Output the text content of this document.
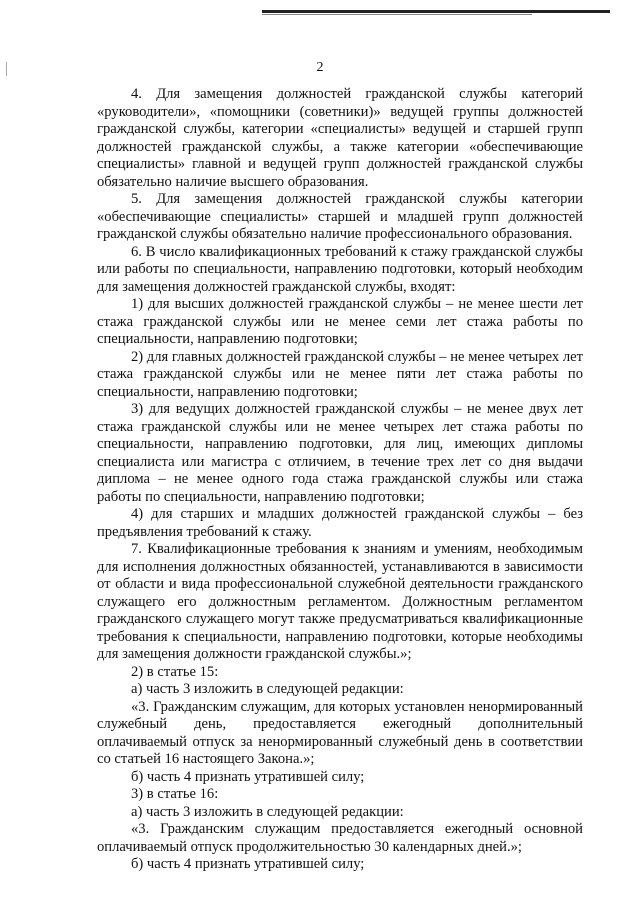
2

4. Для замещения должностей гражданской службы категорий «руководители», «помощники (советники)» ведущей группы должностей гражданской службы, категории «специалисты» ведущей и старшей групп должностей гражданской службы, а также категории «обеспечивающие специалисты» главной и ведущей групп должностей гражданской службы обязательно наличие высшего образования.

5. Для замещения должностей гражданской службы категории «обеспечивающие специалисты» старшей и младшей групп должностей гражданской службы обязательно наличие профессионального образования.

6. В число квалификационных требований к стажу гражданской службы или работы по специальности, направлению подготовки, который необходим для замещения должностей гражданской службы, входят:

1) для высших должностей гражданской службы – не менее шести лет стажа гражданской службы или не менее семи лет стажа работы по специальности, направлению подготовки;

2) для главных должностей гражданской службы – не менее четырех лет стажа гражданской службы или не менее пяти лет стажа работы по специальности, направлению подготовки;

3) для ведущих должностей гражданской службы – не менее двух лет стажа гражданской службы или не менее четырех лет стажа работы по специальности, направлению подготовки, для лиц, имеющих дипломы специалиста или магистра с отличием, в течение трех лет со дня выдачи диплома – не менее одного года стажа гражданской службы или стажа работы по специальности, направлению подготовки;

4) для старших и младших должностей гражданской службы – без предъявления требований к стажу.

7. Квалификационные требования к знаниям и умениям, необходимым для исполнения должностных обязанностей, устанавливаются в зависимости от области и вида профессиональной служебной деятельности гражданского служащего его должностным регламентом. Должностным регламентом гражданского служащего могут также предусматриваться квалификационные требования к специальности, направлению подготовки, которые необходимы для замещения должности гражданской службы.»;

2) в статье 15:

а) часть 3 изложить в следующей редакции:

«3. Гражданским служащим, для которых установлен ненормированный служебный день, предоставляется ежегодный дополнительный оплачиваемый отпуск за ненормированный служебный день в соответствии со статьей 16 настоящего Закона.»;

б) часть 4 признать утратившей силу;

3) в статье 16:

а) часть 3 изложить в следующей редакции:

«3. Гражданским служащим предоставляется ежегодный основной оплачиваемый отпуск продолжительностью 30 календарных дней.»;

б) часть 4 признать утратившей силу;
